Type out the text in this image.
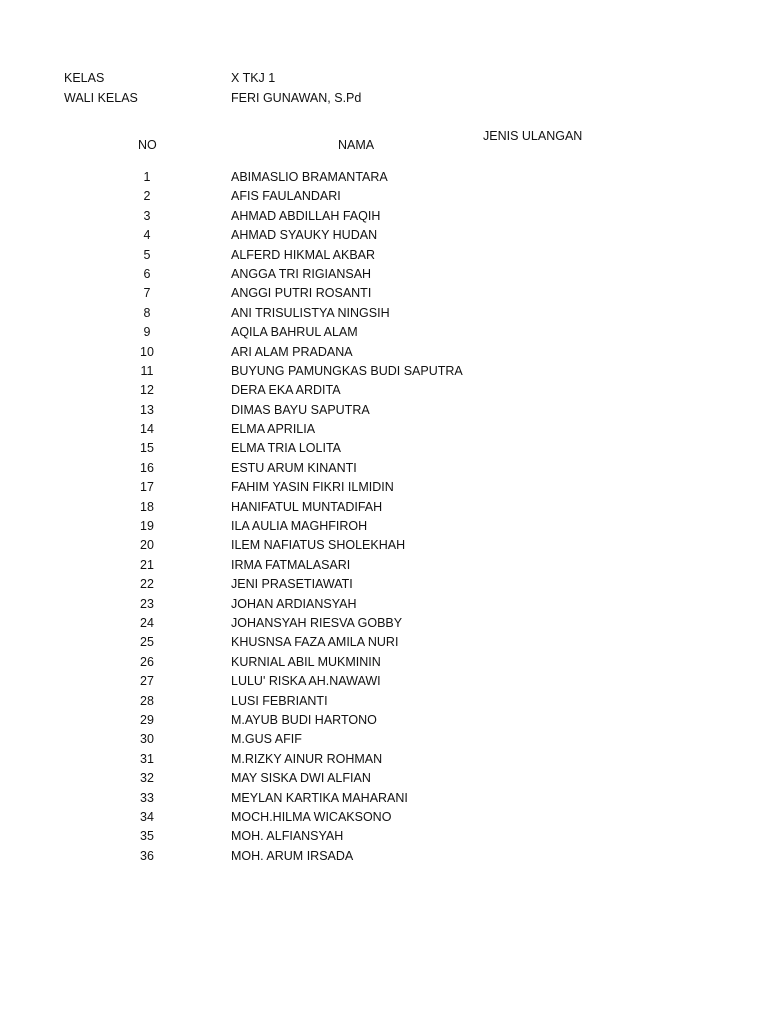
KELAS	X TKJ 1
WALI KELAS	FERI GUNAWAN, S.Pd
NO	NAMA
JENIS ULANGAN
1	ABIMASLIO BRAMANTARA
2	AFIS FAULANDARI
3	AHMAD ABDILLAH FAQIH
4	AHMAD SYAUKY HUDAN
5	ALFERD HIKMAL AKBAR
6	ANGGA TRI RIGIANSAH
7	ANGGI PUTRI ROSANTI
8	ANI TRISULISTYA NINGSIH
9	AQILA BAHRUL ALAM
10	ARI ALAM PRADANA
11	BUYUNG PAMUNGKAS BUDI SAPUTRA
12	DERA EKA ARDITA
13	DIMAS BAYU SAPUTRA
14	ELMA APRILIA
15	ELMA TRIA LOLITA
16	ESTU ARUM KINANTI
17	FAHIM YASIN FIKRI ILMIDIN
18	HANIFATUL MUNTADIFAH
19	ILA AULIA MAGHFIROH
20	ILEM NAFIATUS SHOLEKHAH
21	IRMA FATMALASARI
22	JENI PRASETIAWATI
23	JOHAN ARDIANSYAH
24	JOHANSYAH RIESVA GOBBY
25	KHUSNSA FAZA AMILA NURI
26	KURNIAL ABIL MUKMININ
27	LULU' RISKA AH.NAWAWI
28	LUSI FEBRIANTI
29	M.AYUB BUDI HARTONO
30	M.GUS AFIF
31	M.RIZKY AINUR ROHMAN
32	MAY SISKA DWI ALFIAN
33	MEYLAN KARTIKA MAHARANI
34	MOCH.HILMA WICAKSONO
35	MOH. ALFIANSYAH
36	MOH. ARUM IRSADA
